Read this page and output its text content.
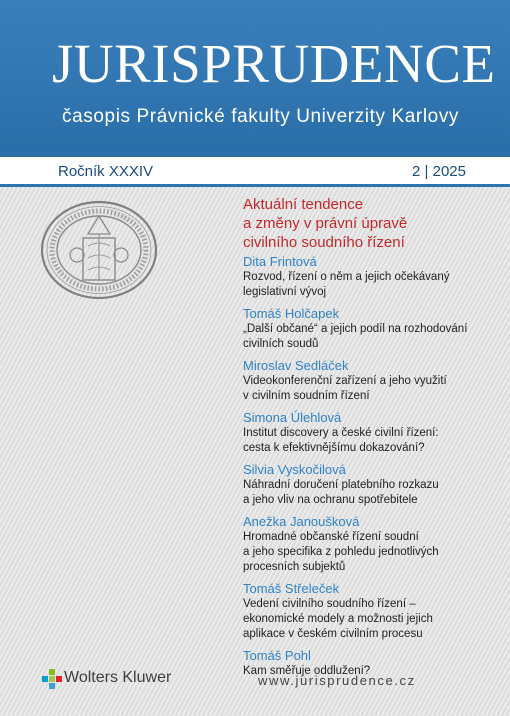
JURISPRUDENCE
časopis Právnické fakulty Univerzity Karlovy
Ročník XXXIV	2 | 2025
Aktuální tendence
a změny v právní úpravě
civilního soudního řízení
Dita Frintová
Rozvod, řízení o něm a jejich očekávaný
legislativní vývoj
Tomáš Holčapek
„Další občané“ a jejich podíl na rozhodování
civilních soudů
Miroslav Sedláček
Videokonferenční zařízení a jeho využití
v civilním soudním řízení
Simona Úlehlová
Institut discovery a české civilní řízení:
cesta k efektivnějšímu dokazování?
Silvia Vyskočilová
Náhradní doručení platebního rozkazu
a jeho vliv na ochranu spotřebitele
Anežka Janoušková
Hromadné občanské řízení soudní
a jeho specifika z pohledu jednotlivých
procesních subjektů
Tomáš Střeleček
Vedení civilního soudního řízení –
ekonomické modely a možnosti jejich
aplikace v českém civilním procesu
Tomáš Pohl
Kam směřuje oddlužení?
Wolters Kluwer	www.jurisprudence.cz
